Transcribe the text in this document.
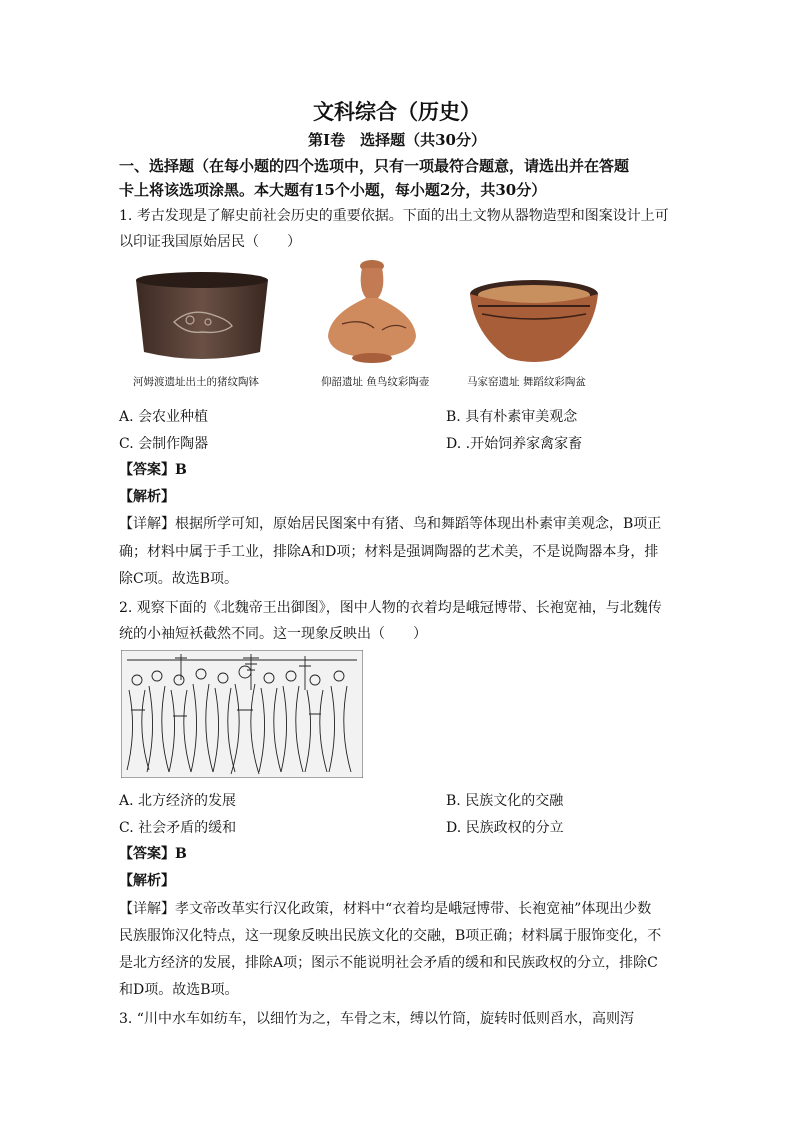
文科综合（历史）
第Ⅰ卷　选择题（共30分）
一、选择题（在每小题的四个选项中，只有一项最符合题意，请选出并在答题
卡上将该选项涂黑。本大题有15个小题，每小题2分，共30分）
1. 考古发现是了解史前社会历史的重要依据。下面的出土文物从器物造型和图案设计上可
以印证我国原始居民（　　）
河姆渡遗址出土的猪纹陶钵	仰韶遗址 鱼鸟纹彩陶壶	马家窑遗址 舞蹈纹彩陶盆
A. 会农业种植	B. 具有朴素审美观念
C. 会制作陶器	D. .开始饲养家禽家畜
【答案】B
【解析】
【详解】根据所学可知，原始居民图案中有猪、鸟和舞蹈等体现出朴素审美观念，B项正
确；材料中属于手工业，排除A和D项；材料是强调陶器的艺术美，不是说陶器本身，排
除C项。故选B项。
2. 观察下面的《北魏帝王出御图》，图中人物的衣着均是峨冠博带、长袍宽袖，与北魏传
统的小袖短袄截然不同。这一现象反映出（　　）
A. 北方经济的发展	B. 民族文化的交融
C. 社会矛盾的缓和	D. 民族政权的分立
【答案】B
【解析】
【详解】孝文帝改革实行汉化政策，材料中“衣着均是峨冠博带、长袍宽袖”体现出少数
民族服饰汉化特点，这一现象反映出民族文化的交融，B项正确；材料属于服饰变化，不
是北方经济的发展，排除A项；图示不能说明社会矛盾的缓和和民族政权的分立，排除C
和D项。故选B项。
3. “川中水车如纺车，以细竹为之，车骨之末，缚以竹筒，旋转时低则舀水，高则泻
